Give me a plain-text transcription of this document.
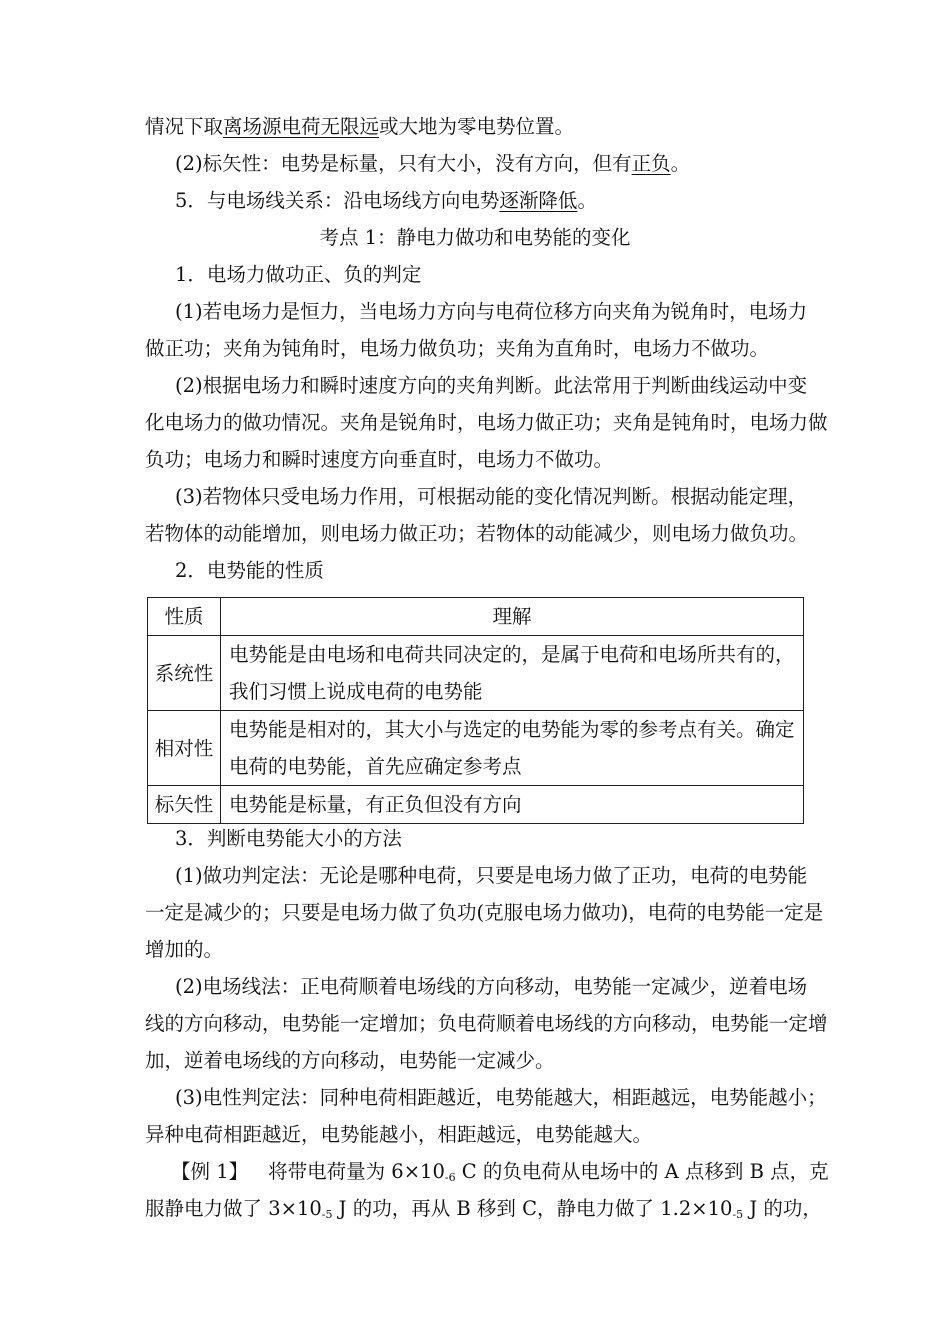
情况下取离场源电荷无限远或大地为零电势位置。
(2)标矢性：电势是标量，只有大小，没有方向，但有正负。
5．与电场线关系：沿电场线方向电势逐渐降低。
考点 1：静电力做功和电势能的变化
1．电场力做功正、负的判定
(1)若电场力是恒力，当电场力方向与电荷位移方向夹角为锐角时，电场力
做正功；夹角为钝角时，电场力做负功；夹角为直角时，电场力不做功。
(2)根据电场力和瞬时速度方向的夹角判断。此法常用于判断曲线运动中变
化电场力的做功情况。夹角是锐角时，电场力做正功；夹角是钝角时，电场力做
负功；电场力和瞬时速度方向垂直时，电场力不做功。
(3)若物体只受电场力作用，可根据动能的变化情况判断。根据动能定理，
若物体的动能增加，则电场力做正功；若物体的动能减少，则电场力做负功。
2．电势能的性质
性质	理解
系统性	电势能是由电场和电荷共同决定的，是属于电荷和电场所共有的，
我们习惯上说成电荷的电势能

相对性	电势能是相对的，其大小与选定的电势能为零的参考点有关。确定
电荷的电势能，首先应确定参考点

标矢性	电势能是标量，有正负但没有方向
3．判断电势能大小的方法
(1)做功判定法：无论是哪种电荷，只要是电场力做了正功，电荷的电势能
一定是减少的；只要是电场力做了负功(克服电场力做功)，电荷的电势能一定是
增加的。
(2)电场线法：正电荷顺着电场线的方向移动，电势能一定减少，逆着电场
线的方向移动，电势能一定增加；负电荷顺着电场线的方向移动，电势能一定增
加，逆着电场线的方向移动，电势能一定减少。
(3)电性判定法：同种电荷相距越近，电势能越大，相距越远，电势能越小；
异种电荷相距越近，电势能越小，相距越远，电势能越大。
【例 1】 将带电荷量为 $6\times 10^{-6}$ C 的负电荷从电场中的 A 点移到 B 点，克
服静电力做了 $3\times 10^{-5}$ J 的功，再从 B 移到 C，静电力做了 $1.2\times 10^{-5}$ J 的功，
